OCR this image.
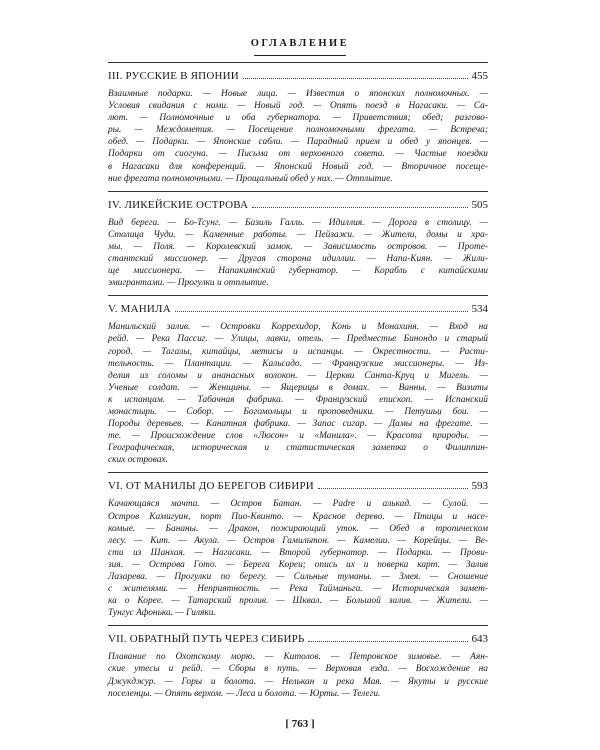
ОГЛАВЛЕНИЕ
III. РУССКИЕ В ЯПОНИИ	455
Взаимные подарки. — Новые лица. — Известия о японских полномочных. —
Условия свидания с ними. — Новый год. — Опять поезд в Нагасаки. — Са-
лют. — Полномочные и оба губернатора. — Приветствия; обед; разгово-
ры. — Междометия. — Посещение полномочными фрегата. — Встреча;
обед. — Подарки. — Японские сабли. — Парадный прием и обед у японцев. —
Подарки от сиогуна. — Письма от верховного совета. — Частые поездки
в Нагасаки для конференций. — Японский Новый год. — Вторичное посеще-
ние фрегата полномочными. — Прощальный обед у них. — Отплытие.
IV. ЛИКЕЙСКИЕ ОСТРОВА	505
Вид берега. — Бо-Тсунг. — Базиль Галль. — Идиллия. — Дорога в столицу. —
Столица Чуди. — Каменные работы. — Пейзажи. — Жители, домы и хра-
мы. — Поля. — Королевский замок. — Зависимость островов. — Проте-
стантский миссионер. — Другая сторона идиллии. — Напа-Киян. — Жили-
ще миссионера. — Напакиянский губернатор. — Корабль с китайскими
эмигрантами. — Прогулки и отплытие.
V. МАНИЛА	534
Манильский залив. — Островки Коррехидор, Конь и Монахиня. — Вход на
рейд. — Река Пассиг. — Улицы, лавки, отель. — Предместье Бинондо и старый
город. — Тагалы, китайцы, метисы и испанцы. — Окрестности. — Расти-
тельность. — Плантации. — Кальсадо. — Французские миссионеры. — Из-
делия из соломы и ананасных волокон. — Церкви Санта-Круц и Мигель. —
Ученые солдат. — Женщины. — Ящерицы в домах. — Ванны. — Визиты
к испанцам. — Табачная фабрика. — Французский епископ. — Испанский
монастырь. — Собор. — Богомольцы и проповедники. — Петушьи бои. —
Породы деревьев. — Канатная фабрика. — Запас сигар. — Дамы на фрегате. —
те. — Происхождение слов «Люсон» и «Манила». — Красота природы. —
Географическая, историческая и статистическая заметка о Филиппин-
ских островах.
VI. ОТ МАНИЛЫ ДО БЕРЕГОВ СИБИРИ	593
Качающаяся мачта. — Остров Батан. — Padre и алькад. — Сулой. —
Остров Камигуин, порт Пио-Квинто. — Красное дерево. — Птицы и насе-
комые. — Бананы. — Дракон, пожирающий уток. — Обед в тропическом
лесу. — Кит. — Акула. — Остров Гамильтон. — Камелии. — Корейцы. — Ве-
сти из Шанхая. — Нагасаки. — Второй губернатор. — Подарки. — Прови-
зия. — Острова Гото. — Берега Кореи; опись их и поверка карт. — Залив
Лазарева. — Прогулки по берегу. — Сильные туманы. — Змея. — Сношение
с жителями. — Неприятность. — Река Тайманьга. — Историческая замет-
ка о Корее. — Татарский пролив. — Шквал. — Большой залив. — Жители. —
Тунгус Афонька. — Гиляки.
VII. ОБРАТНЫЙ ПУТЬ ЧЕРЕЗ СИБИРЬ	643
Плавание по Охотскому морю. — Китолов. — Петровское зимовье. — Аян-
ские утесы и рейд. — Сборы в путь. — Верховая езда. — Восхождение на
Джукджур. — Горы и болота. — Нелькан и река Мая. — Якуты и русские
поселенцы. — Опять верхом. — Леса и болота. — Юрты. — Телеги.
[ 763 ]
